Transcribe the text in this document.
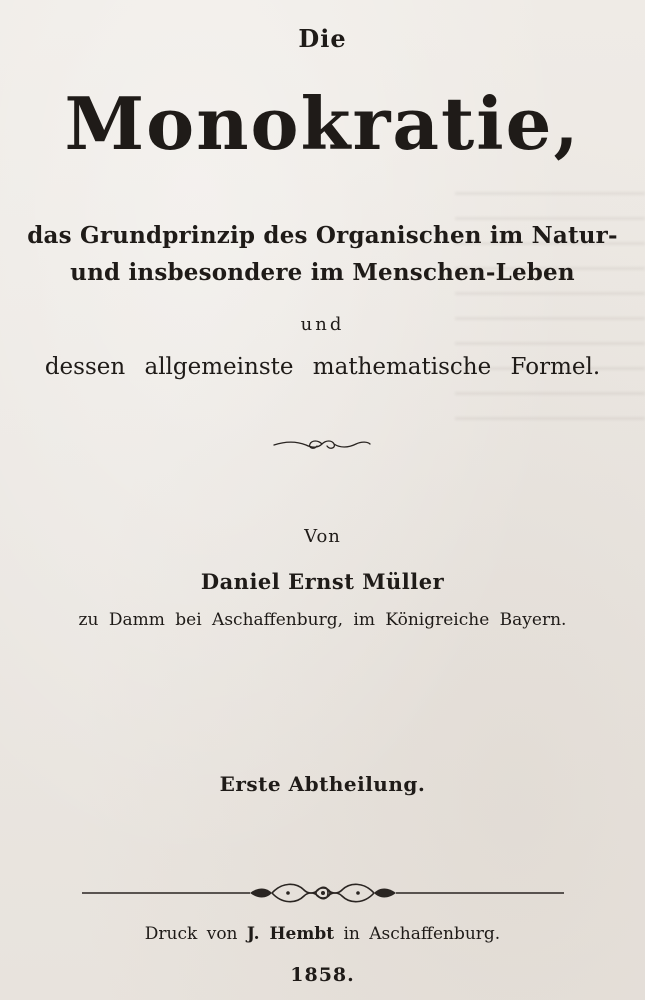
Die
Monokratie,
das Grundprinzip des Organischen im Natur-
und insbesondere im Menschen-Leben
und
dessen allgemeinste mathematische Formel.
Von
Daniel Ernst Müller
zu Damm bei Aschaffenburg, im Königreiche Bayern.
Erste Abtheilung.
Druck von J. Hembt in Aschaffenburg.
1858.
